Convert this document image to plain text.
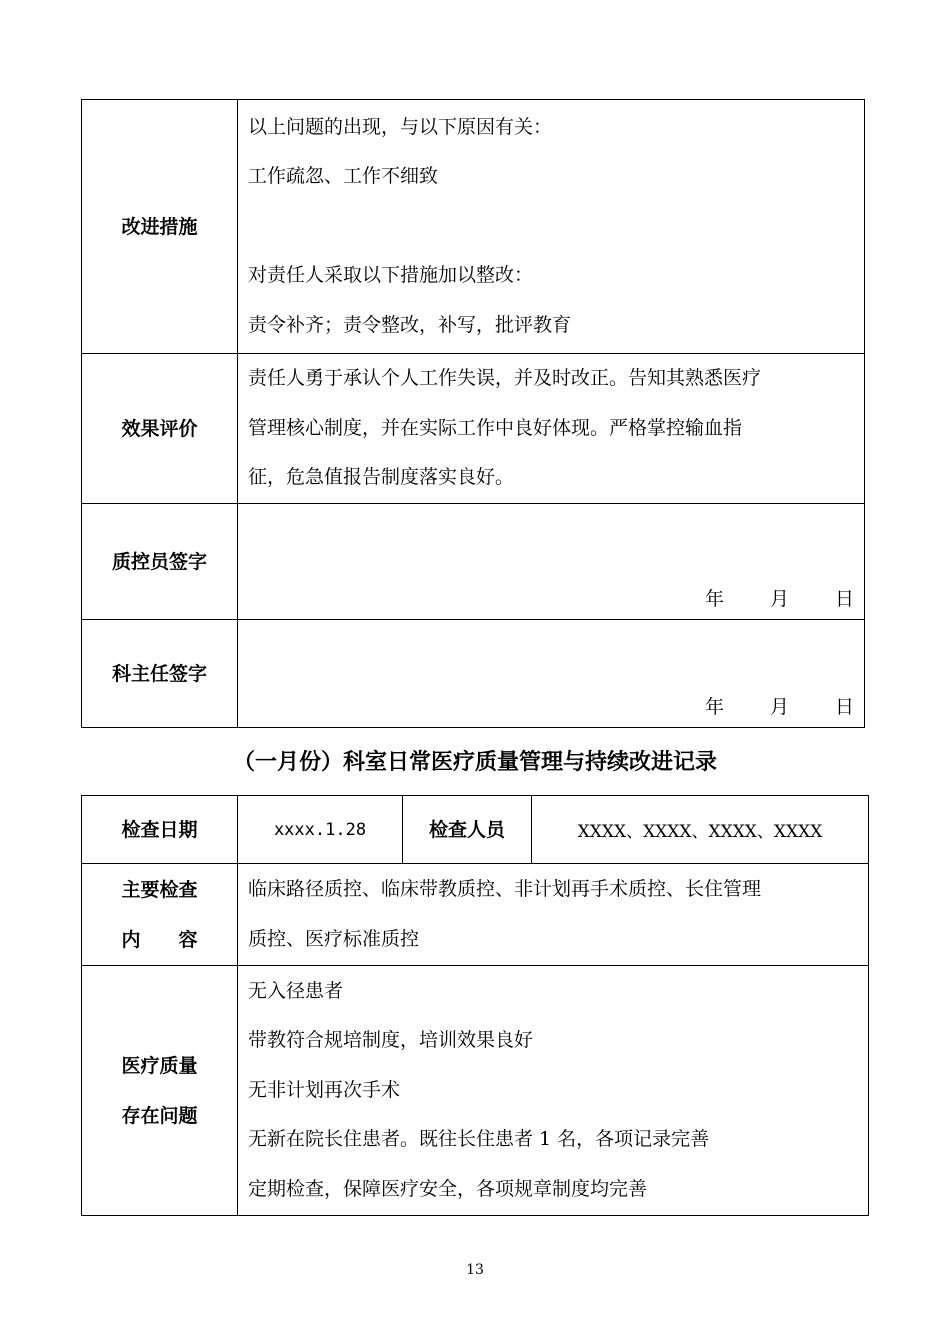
改进措施	以上问题的出现，与以下原因有关：
工作疏忽、工作不细致
对责任人采取以下措施加以整改：
责令补齐；责令整改，补写，批评教育

效果评价	责任人勇于承认个人工作失误，并及时改正。告知其熟悉医疗
管理核心制度，并在实际工作中良好体现。严格掌控输血指
征，危急值报告制度落实良好。

质控员签字	年 月 日

科主任签字	年 月 日
（一月份）科室日常医疗质量管理与持续改进记录
检查日期	xxxx.1.28	检查人员	XXXX、XXXX、XXXX、XXXX

主要检查
内　　容	临床路径质控、临床带教质控、非计划再手术质控、长住管理
质控、医疗标准质控		

医疗质量
存在问题	无入径患者
带教符合规培制度，培训效果良好
无非计划再次手术
无新在院长住患者。既往长住患者 1 名，各项记录完善
定期检查，保障医疗安全，各项规章制度均完善		
13
